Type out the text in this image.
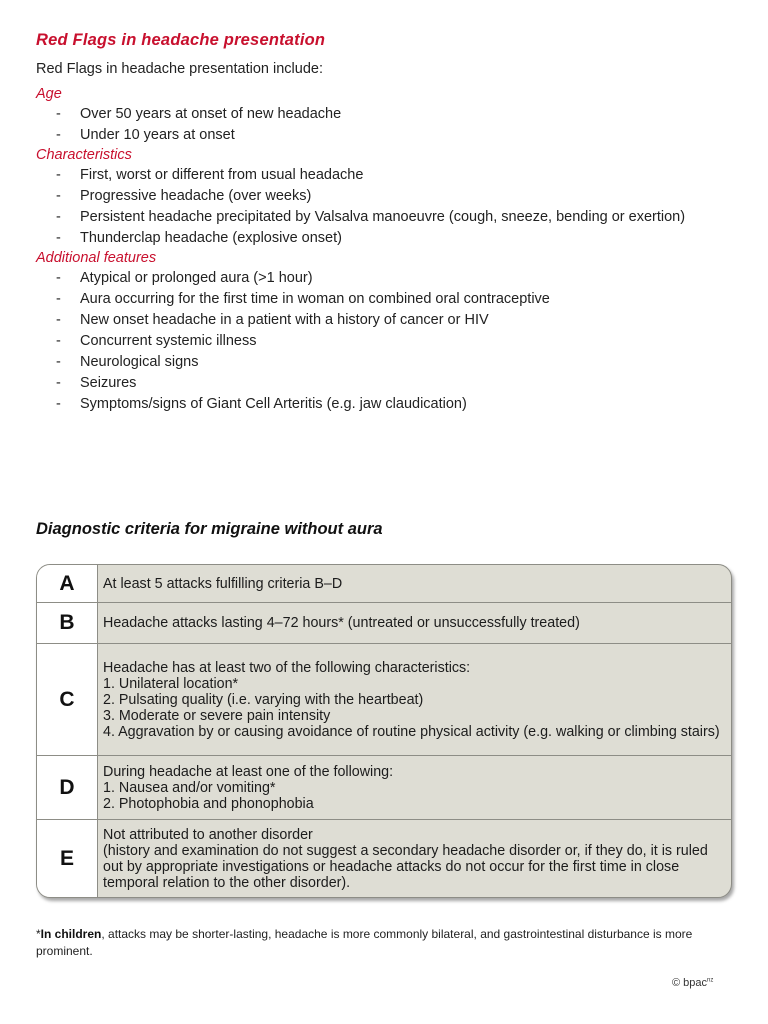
Red Flags in headache presentation
Red Flags in headache presentation include:
Age
- Over 50 years at onset of new headache
- Under 10 years at onset
Characteristics
- First, worst or different from usual headache
- Progressive headache (over weeks)
- Persistent headache precipitated by Valsalva manoeuvre (cough, sneeze, bending or exertion)
- Thunderclap headache (explosive onset)
Additional features
- Atypical or prolonged aura (>1 hour)
- Aura occurring for the first time in woman on combined oral contraceptive
- New onset headache in a patient with a history of cancer or HIV
- Concurrent systemic illness
- Neurological signs
- Seizures
- Symptoms/signs of Giant Cell Arteritis (e.g. jaw claudication)
Diagnostic criteria for migraine without aura
A	At least 5 attacks fulfilling criteria B–D
B	Headache attacks lasting 4–72 hours* (untreated or unsuccessfully treated)
C
Headache has at least two of the following characteristics:
1. Unilateral location*
2. Pulsating quality (i.e. varying with the heartbeat)
3. Moderate or severe pain intensity
4. Aggravation by or causing avoidance of routine physical activity (e.g. walking or climbing stairs)
D
During headache at least one of the following:
1. Nausea and/or vomiting*
2. Photophobia and phonophobia
E
Not attributed to another disorder
(history and examination do not suggest a secondary headache disorder or, if they do, it is ruled out by appropriate investigations or headache attacks do not occur for the first time in close temporal relation to the other disorder).
*In children, attacks may be shorter-lasting, headache is more commonly bilateral, and gastrointestinal disturbance is more prominent.
© bpac$^{nz}$
